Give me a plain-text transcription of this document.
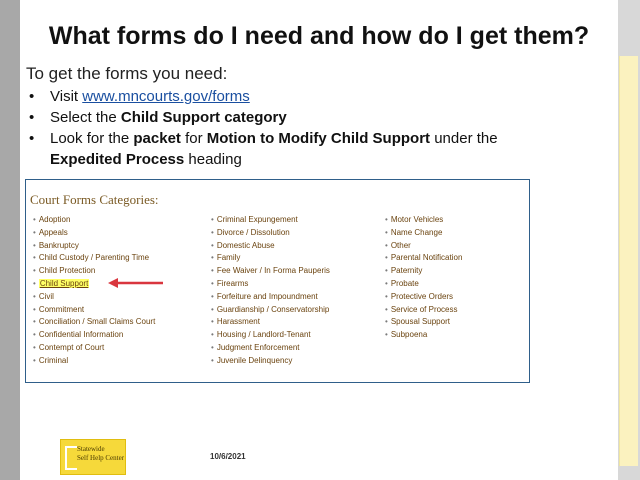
What forms do I need and how do I get them?
To get the forms you need:
• Visit www.mncourts.gov/forms
• Select the Child Support category
• Look for the packet for Motion to Modify Child Support under the
Expedited Process heading
Court Forms Categories:
• Adoption
• Appeals
• Bankruptcy
• Child Custody / Parenting Time
• Child Protection
• Child Support
• Civil
• Commitment
• Conciliation / Small Claims Court
• Confidential Information
• Contempt of Court
• Criminal
• Criminal Expungement
• Divorce / Dissolution
• Domestic Abuse
• Family
• Fee Waiver / In Forma Pauperis
• Firearms
• Forfeiture and Impoundment
• Guardianship / Conservatorship
• Harassment
• Housing / Landlord-Tenant
• Judgment Enforcement
• Juvenile Delinquency
• Motor Vehicles
• Name Change
• Other
• Parental Notification
• Paternity
• Probate
• Protective Orders
• Service of Process
• Spousal Support
• Subpoena
Statewide
Self Help Center	10/6/2021
